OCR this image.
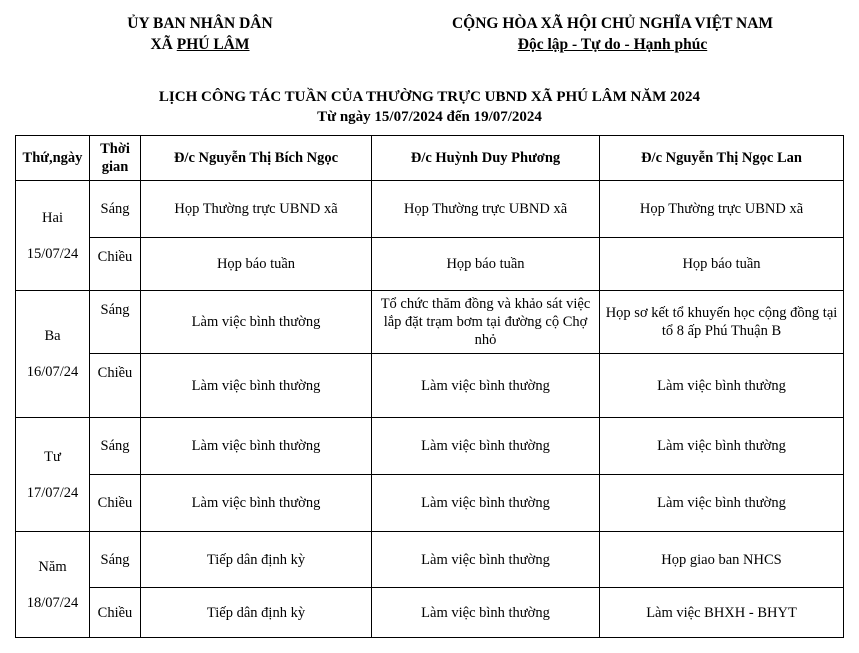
ỦY BAN NHÂN DÂN
XÃ PHÚ LÂM
CỘNG HÒA XÃ HỘI CHỦ NGHĨA VIỆT NAM
Độc lập - Tự do - Hạnh phúc
LỊCH CÔNG TÁC TUẦN CỦA THƯỜNG TRỰC UBND XÃ PHÚ LÂM NĂM 2024
Từ ngày 15/07/2024 đến 19/07/2024
Thứ,ngày	Thời gian	Đ/c Nguyễn Thị Bích Ngọc	Đ/c Huỳnh Duy Phương	Đ/c Nguyễn Thị Ngọc Lan

Hai
15/07/24	Sáng	Họp Thường trực UBND xã	Họp Thường trực UBND xã	Họp Thường trực UBND xã
	Chiều	Họp báo tuần	Họp báo tuần	Họp báo tuần

Ba
16/07/24	Sáng	Làm việc bình thường	Tổ chức thăm đồng và khảo sát việc lắp đặt trạm bơm tại đường cộ Chợ nhỏ	Họp sơ kết tổ khuyến học cộng đồng tại tổ 8 ấp Phú Thuận B
	Chiều	Làm việc bình thường	Làm việc bình thường	Làm việc bình thường

Tư
17/07/24	Sáng	Làm việc bình thường	Làm việc bình thường	Làm việc bình thường
	Chiều	Làm việc bình thường	Làm việc bình thường	Làm việc bình thường

Năm
18/07/24	Sáng	Tiếp dân định kỳ	Làm việc bình thường	Họp giao ban NHCS
	Chiều	Tiếp dân định kỳ	Làm việc bình thường	Làm việc BHXH - BHYT
